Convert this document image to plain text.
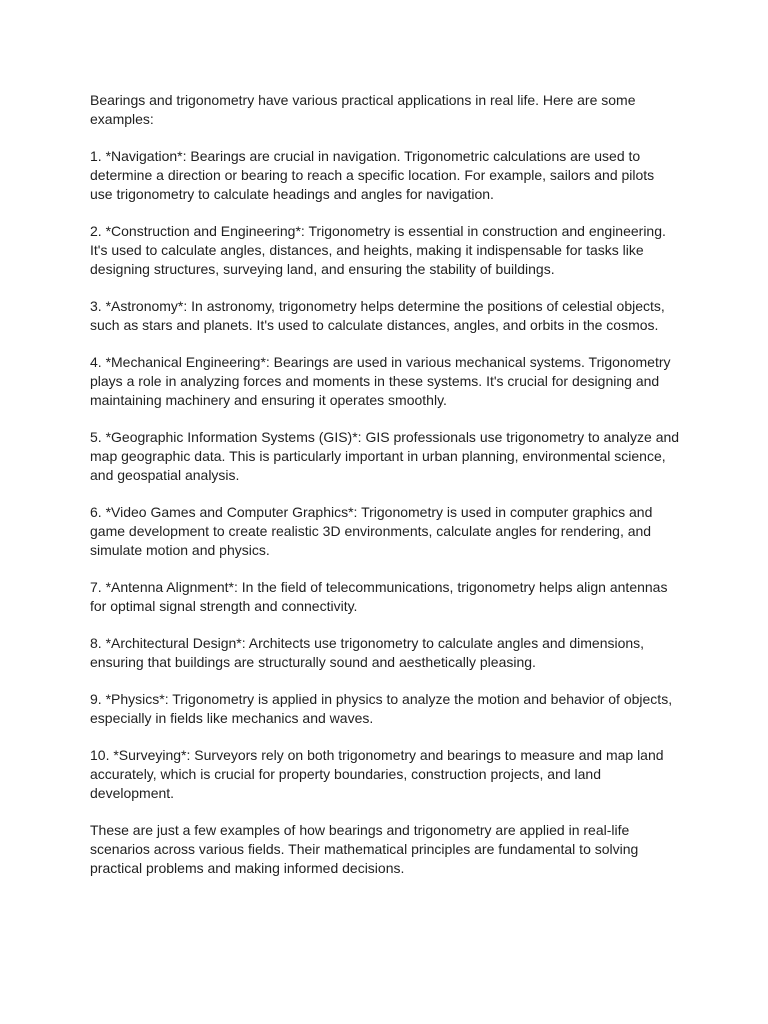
Bearings and trigonometry have various practical applications in real life. Here are some examples:

1. *Navigation*: Bearings are crucial in navigation. Trigonometric calculations are used to determine a direction or bearing to reach a specific location. For example, sailors and pilots use trigonometry to calculate headings and angles for navigation.

2. *Construction and Engineering*: Trigonometry is essential in construction and engineering. It's used to calculate angles, distances, and heights, making it indispensable for tasks like designing structures, surveying land, and ensuring the stability of buildings.

3. *Astronomy*: In astronomy, trigonometry helps determine the positions of celestial objects, such as stars and planets. It's used to calculate distances, angles, and orbits in the cosmos.

4. *Mechanical Engineering*: Bearings are used in various mechanical systems. Trigonometry plays a role in analyzing forces and moments in these systems. It's crucial for designing and maintaining machinery and ensuring it operates smoothly.

5. *Geographic Information Systems (GIS)*: GIS professionals use trigonometry to analyze and map geographic data. This is particularly important in urban planning, environmental science, and geospatial analysis.

6. *Video Games and Computer Graphics*: Trigonometry is used in computer graphics and game development to create realistic 3D environments, calculate angles for rendering, and simulate motion and physics.

7. *Antenna Alignment*: In the field of telecommunications, trigonometry helps align antennas for optimal signal strength and connectivity.

8. *Architectural Design*: Architects use trigonometry to calculate angles and dimensions, ensuring that buildings are structurally sound and aesthetically pleasing.

9. *Physics*: Trigonometry is applied in physics to analyze the motion and behavior of objects, especially in fields like mechanics and waves.

10. *Surveying*: Surveyors rely on both trigonometry and bearings to measure and map land accurately, which is crucial for property boundaries, construction projects, and land development.

These are just a few examples of how bearings and trigonometry are applied in real-life scenarios across various fields. Their mathematical principles are fundamental to solving practical problems and making informed decisions.
